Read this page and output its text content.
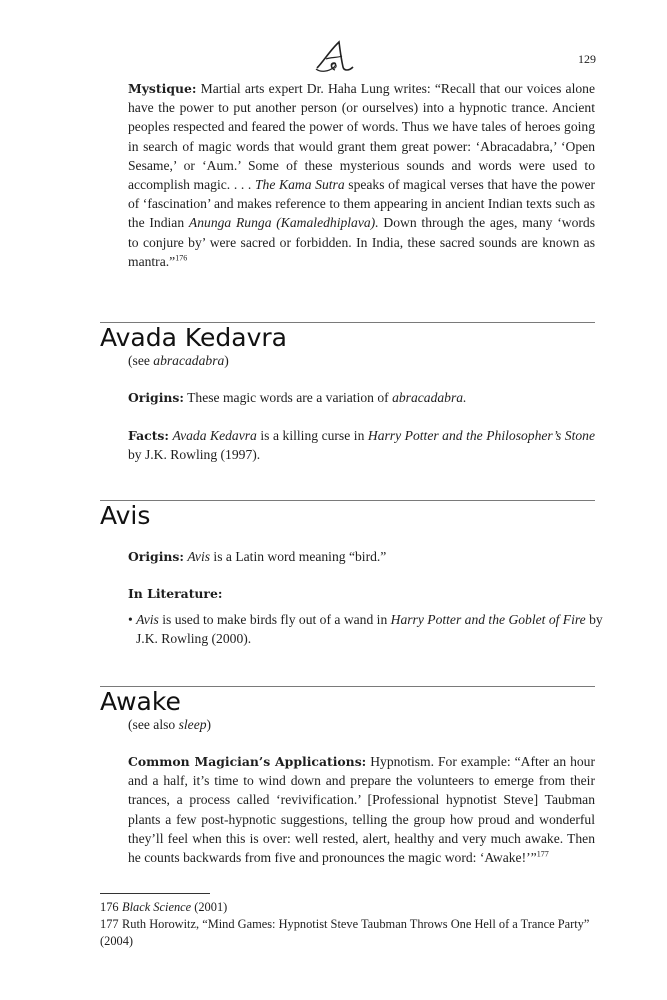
129
Mystique: Martial arts expert Dr. Haha Lung writes: “Recall that our voices alone have the power to put another person (or ourselves) into a hypnotic trance. Ancient peoples respected and feared the power of words. Thus we have tales of heroes going in search of magic words that would grant them great power: ‘Abracadabra,’ ‘Open Sesame,’ or ‘Aum.’ Some of these mysterious sounds and words were used to accomplish magic. . . . The Kama Sutra speaks of magical verses that have the power of ‘fascination’ and makes reference to them appearing in ancient Indian texts such as the Indian Anunga Runga (Kamaledhiplava). Down through the ages, many ‘words to conjure by’ were sacred or forbidden. In India, these sacred sounds are known as mantra.”$^{176}$
Avada Kedavra
(see abracadabra)
Origins: These magic words are a variation of abracadabra.
Facts: Avada Kedavra is a killing curse in Harry Potter and the Philosopher’s Stone by J.K. Rowling (1997).
Avis
Origins: Avis is a Latin word meaning “bird.”
In Literature:
• Avis is used to make birds fly out of a wand in Harry Potter and the Goblet of Fire by J.K. Rowling (2000).
Awake
(see also sleep)
Common Magician’s Applications: Hypnotism. For example: “After an hour and a half, it’s time to wind down and prepare the volunteers to emerge from their trances, a process called ‘revivification.’ [Professional hypnotist Steve] Taubman plants a few post-hypnotic suggestions, telling the group how proud and wonderful they’ll feel when this is over: well rested, alert, healthy and very much awake. Then he counts backwards from five and pronounces the magic word: ‘Awake!’”$^{177}$
176 Black Science (2001)
177 Ruth Horowitz, “Mind Games: Hypnotist Steve Taubman Throws One Hell of a Trance Party” (2004)
